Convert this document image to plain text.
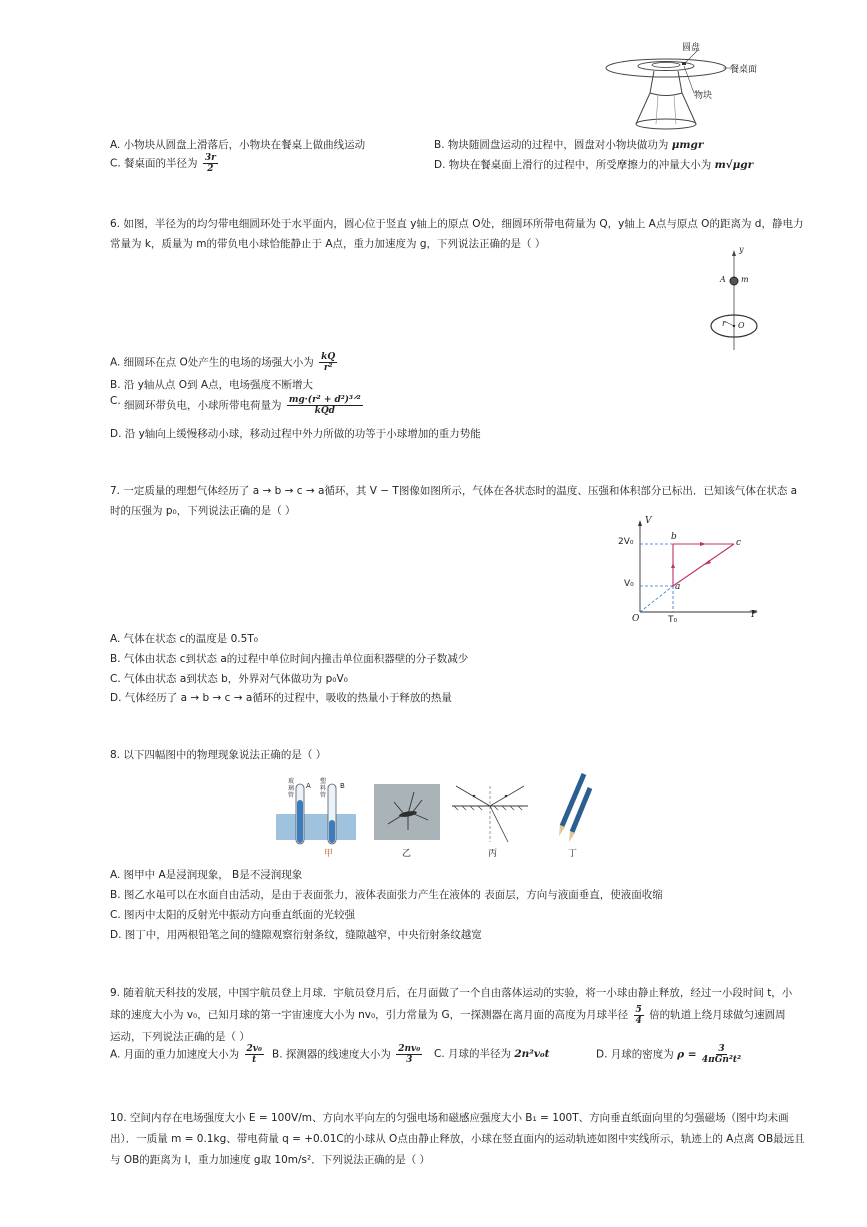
圆盘
餐桌面
物块
A. 小物块从圆盘上滑落后，小物块在餐桌上做曲线运动	B. 物块随圆盘运动的过程中，圆盘对小物块做功为 μmgr
C. 餐桌面的半径为 $\frac{3r}{2}$	D. 物块在餐桌面上滑行的过程中，所受摩擦力的冲量大小为 m√μgr
6. 如图，半径为的均匀带电细圆环处于水平面内，圆心位于竖直 y轴上的原点 O处，细圆环所带电荷量为 Q，y轴上 A点与原点 O的距离为 d，静电力
常量为 k，质量为 m的带负电小球恰能静止于 A点，重力加速度为 g，下列说法正确的是（ ）	y
A m
r O
A. 细圆环在点 O处产生的电场的场强大小为 $\frac{kQ}{\text{r²}}$
B. 沿 y轴从点 O到 A点，电场强度不断增大
C. 细圆环带负电，小球所带电荷量为 $\frac{\text{mg·(r² + d²)³ᐟ²}}{\text{kQd}}$
D. 沿 y轴向上缓慢移动小球，移动过程中外力所做的功等于小球增加的重力势能
7. 一定质量的理想气体经历了 a → b → c → a循环，其 V − T图像如图所示，气体在各状态时的温度、压强和体积部分已标出．已知该气体在状态 a
时的压强为 p₀，下列说法正确的是（ ）
V
T
2V₀
V₀
O	T₀
a
b
c
A. 气体在状态 c的温度是 0.5T₀
B. 气体由状态 c到状态 a的过程中单位时间内撞击单位面积器壁的分子数减少
C. 气体由状态 a到状态 b，外界对气体做功为 p₀V₀
D. 气体经历了 a → b → c → a循环的过程中，吸收的热量小于释放的热量
8. 以下四幅图中的物理现象说法正确的是（ ）
玻璃管
A
塑料管
B
甲	乙	丙	丁
A. 图甲中 A是浸润现象， B是不浸润现象
B. 图乙水黾可以在水面自由活动，是由于表面张力，液体表面张力产生在液体的 表面层，方向与液面垂直，使液面收缩
C. 图丙中太阳的反射光中振动方向垂直纸面的光较强
D. 图丁中，用两根铅笔之间的缝隙观察衍射条纹，缝隙越窄，中央衍射条纹越宽
9. 随着航天科技的发展，中国宇航员登上月球．宇航员登月后，在月面做了一个自由落体运动的实验，将一小球由静止释放，经过一小段时间 t，小
球的速度大小为 v₀，已知月球的第一宇宙速度大小为 nv₀，引力常量为 G，一探测器在离月面的高度为月球半径 $\frac{5}{4}$ 倍的轨道上绕月球做匀速圆周
运动，下列说法正确的是（ ）
A. 月面的重力加速度大小为 $\frac{\text{2v₀}}{t} B$. 探测器的线速度大小为 $\frac{\text{2nv₀}}{3} C$. 月球的半径为 2n²v₀t	D. 月球的密度为 $\rho = \frac{3}{\text{4πGn²t²}}$
10. 空间内存在电场强度大小 E = 100V/m、方向水平向左的匀强电场和磁感应强度大小 B₁ = 100T、方向垂直纸面向里的匀强磁场（图中均未画
出）．一质量 m = 0.1kg、带电荷量 q = +0.01C的小球从 O点由静止释放，小球在竖直面内的运动轨迹如图中实线所示，轨迹上的 A点离 OB最远且
与 OB的距离为 l，重力加速度 g取 10m/s²．下列说法正确的是（ ）
